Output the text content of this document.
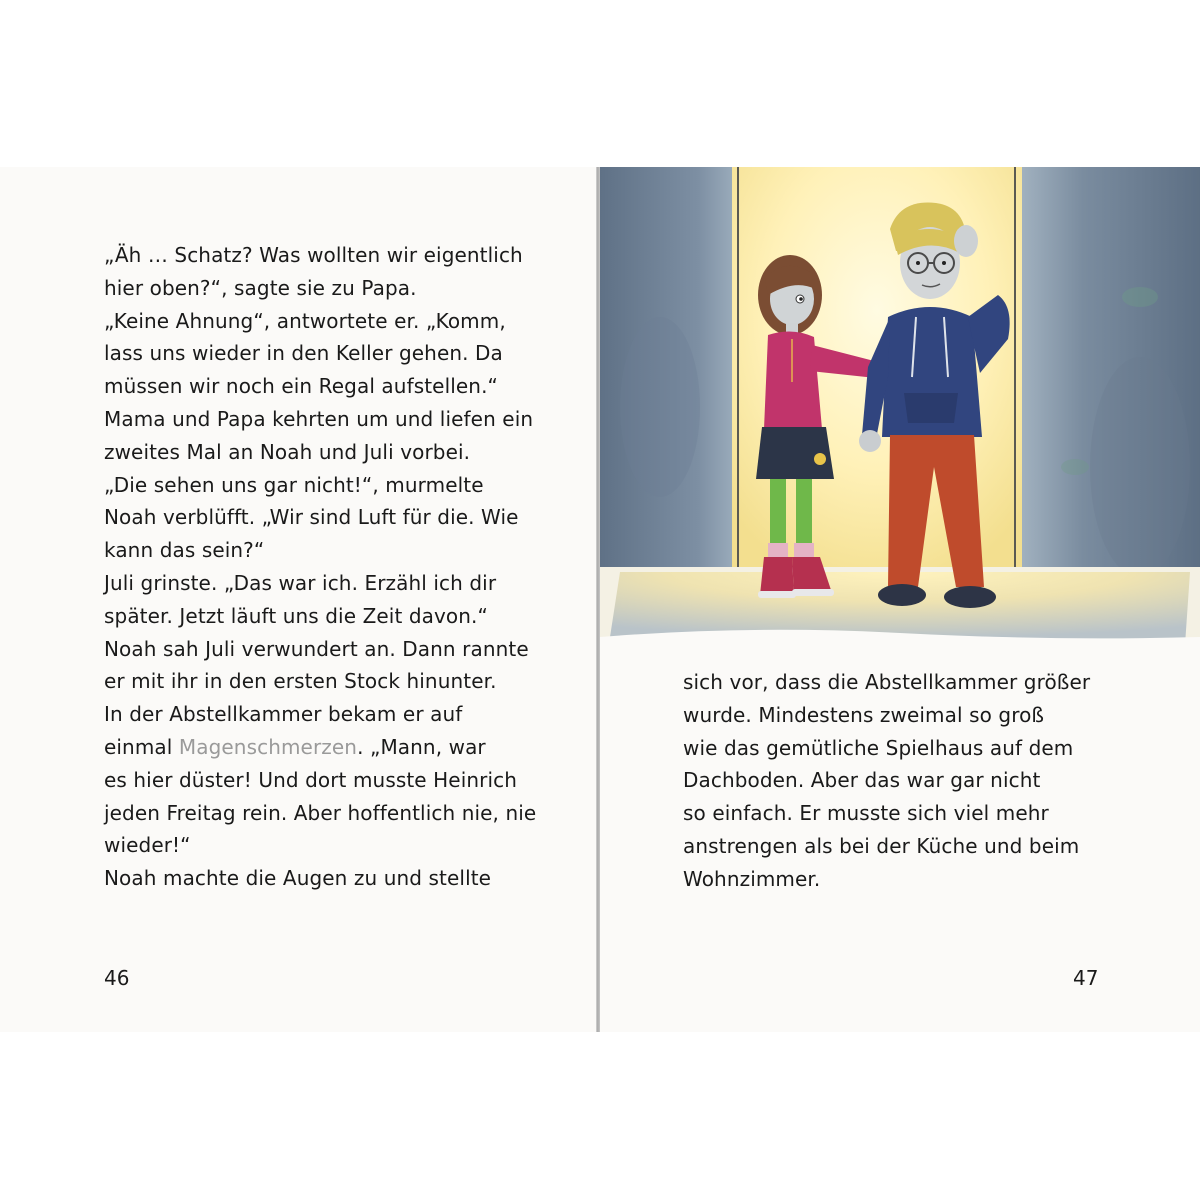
„Äh … Schatz? Was wollten wir eigentlich
hier oben?“, sagte sie zu Papa.
„Keine Ahnung“, antwortete er. „Komm,
lass uns wieder in den Keller gehen. Da
müssen wir noch ein Regal aufstellen.“
Mama und Papa kehrten um und liefen ein
zweites Mal an Noah und Juli vorbei.
„Die sehen uns gar nicht!“, murmelte
Noah verblüfft. „Wir sind Luft für die. Wie
kann das sein?“
Juli grinste. „Das war ich. Erzähl ich dir
später. Jetzt läuft uns die Zeit davon.“
Noah sah Juli verwundert an. Dann rannte
er mit ihr in den ersten Stock hinunter.
In der Abstellkammer bekam er auf
einmal Magenschmerzen. „Mann, war
es hier düster! Und dort musste Heinrich
jeden Freitag rein. Aber hoffentlich nie, nie
wieder!“
Noah machte die Augen zu und stellte
46
sich vor, dass die Abstellkammer größer
wurde. Mindestens zweimal so groß
wie das gemütliche Spielhaus auf dem
Dachboden. Aber das war gar nicht
so einfach. Er musste sich viel mehr
anstrengen als bei der Küche und beim
Wohnzimmer.
47
